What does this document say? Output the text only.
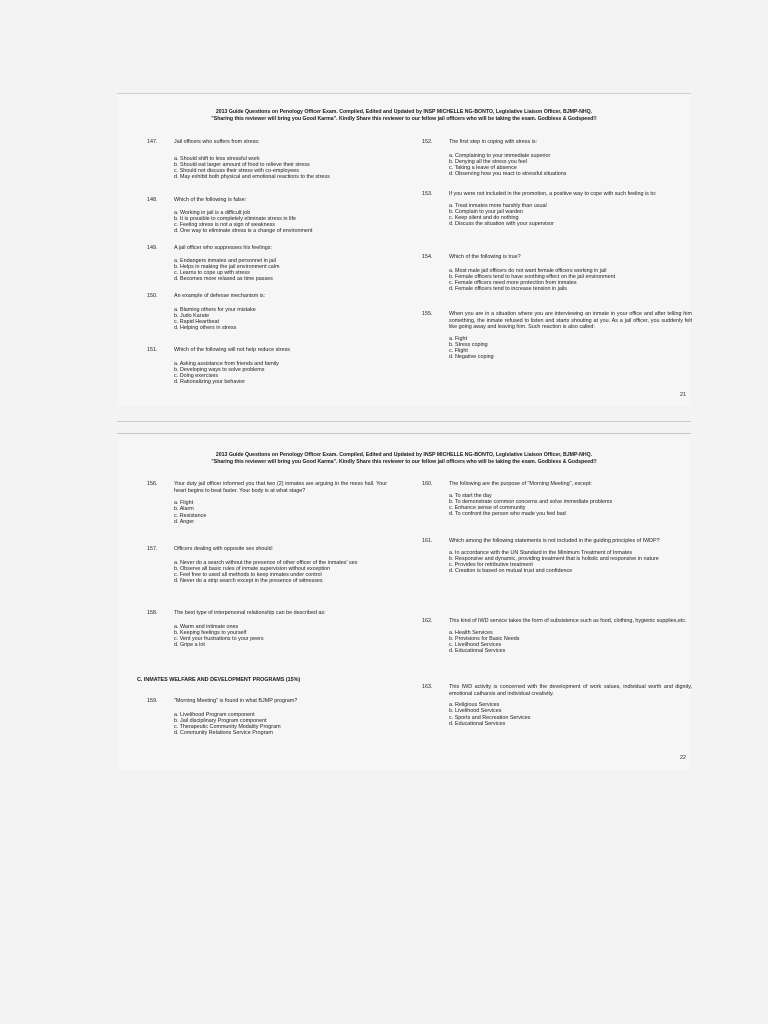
2013 Guide Questions on Penology Officer Exam. Compiled, Edited and Updated by INSP MICHELLE NG-BONTO, Legislative Liaison Officer, BJMP-NHQ.
"Sharing this reviewer will bring you Good Karma". Kindly Share this reviewer to our fellow jail officers who will be taking the exam. Godbless & Godspeed!!
147.	Jail officers who suffers from stress:
a. Should shift to less stressful work
b. Should eat larger amount of food to relieve their stress
c. Should not discuss their stress with co-employees
d. May exhibit both physical and emotional reactions to the stress
148.	Which of the following is false:
a. Working in jail is a difficult job
b. It is possible to completely eliminate stress in life
c. Feeling stress is not a sign of weakness
d. One way to eliminate stress is a change of environment
149.	A jail officer who suppresses his feelings:
a. Endangers inmates and personnel in jail
b. Helps in making the jail environment calm
c. Learns to cope up with stress
d. Becomes more relaxed as time passes
150.	An example of defense mechanism is:
a. Blaming others for your mistake
b. Judo Karate
c. Rapid Heartbeat
d. Helping others in stress
151.	Which of the following will not help reduce stress
a. Asking assistance from friends and family
b. Developing ways to solve problems
c. Doing exercises
d. Rationalizing your behavior
152.	The first step in coping with stress is:
a. Complaining to your immediate superior
b. Denying all the stress you feel
c. Taking a leave of absence
d. Observing how you react to stressful situations
153.	If you were not included in the promotion, a positive way to cope with such feeling is to:
a. Treat inmates more harshly than usual
b. Complain to your jail warden
c. Keep silent and do nothing
d. Discuss the situation with your supervisor
154.	Which of the following is true?
a. Most male jail officers do not want female officers working in jail
b. Female officers tend to have soothing effect on the jail environment
c. Female officers need more protection from inmates
d. Female officers tend to increase tension in jails
155.	When you are in a situation where you are interviewing an inmate in your office and after telling him something, the inmate refused to listen and starts shouting at you. As a jail officer, you suddenly felt like going away and leaving him. Such reaction is also called:
a. Fight
b. Stress coping
c. Flight
d. Negative coping
21
2013 Guide Questions on Penology Officer Exam. Compiled, Edited and Updated by INSP MICHELLE NG-BONTO, Legislative Liaison Officer, BJMP-NHQ.
"Sharing this reviewer will bring you Good Karma". Kindly Share this reviewer to our fellow jail officers who will be taking the exam. Godbless & Godspeed!!
156.	Your duty jail officer informed you that two (2) inmates are arguing in the mess hall. Your heart begins to beat faster. Your body is at what stage?
a. Flight
b. Alarm
c. Resistance
d. Anger
157.	Officers dealing with opposite sex should:
a. Never do a search without the presence of other officer of the inmates' sex
b. Observe all basic rules of inmate supervision without exception
c. Feel free to used all methods to keep inmates under control
d. Never do a strip search except in the presence of witnesses
158.	The best type of interpersonal relationship can be described as:
a. Warm and intimate ones
b. Keeping feelings to yourself
c. Vent your frustrations to your peers
d. Gripe a lot
C. INMATES WELFARE AND DEVELOPMENT PROGRAMS (15%)
159.	"Morning Meeting" is found in what BJMP program?
a. Livelihood Program component
b. Jail disciplinary Program component
c. Therapeutic Community Modality Program
d. Community Relations Service Program
160.	The following are the purpose of "Morning Meeting", except:
a. To start the day
b. To demonstrate common concerns and solve immediate problems
c. Enhance sense of community
d. To confront the person who made you feel bad
161.	Which among the following statements is not included in the guiding principles of IWDP?
a. In accordance with the UN Standard in the Minimum Treatment of Inmates
b. Responsive and dynamic, providing treatment that is holistic and responsive in nature
c. Provides for retributive treatment
d. Creation is based on mutual trust and confidence
162.	This kind of IWD service takes the form of subsistence such as food, clothing, hygienic supplies,etc.
a. Health Services
b. Provisions for Basic Needs
c. Livelihood Services
d. Educational Services
163.	This IWD activity is concerned with the development of work values, individual worth and dignity, emotional catharsis and individual creativity.
a. Religious Services
b. Livelihood Services
c. Sports and Recreation Services
d. Educational Services
22
